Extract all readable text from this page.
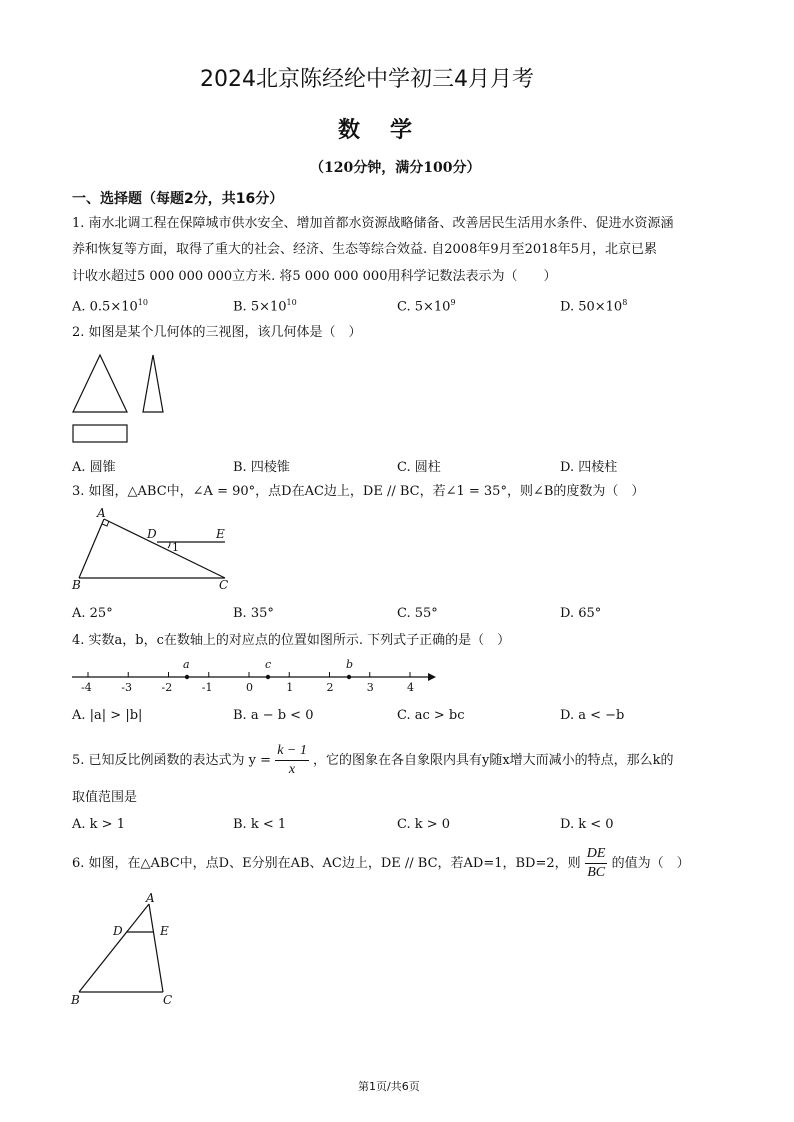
2024北京陈经纶中学初三4月月考
数学
（120分钟，满分100分）
一、选择题（每题2分，共16分）
1. 南水北调工程在保障城市供水安全、增加首都水资源战略储备、改善居民生活用水条件、促进水资源涵
养和恢复等方面，取得了重大的社会、经济、生态等综合效益. 自2008年9月至2018年5月，北京已累
计收水超过5 000 000 000立方米. 将5 000 000 000用科学记数法表示为（　　）
A. $0.5\times 10^{10}$	B. $5\times 10^{10}$	C. $5\times 10^9$	D. $50\times 10^8$
2. 如图是某个几何体的三视图，该几何体是（　）
A. 圆锥	B. 四棱锥	C. 圆柱	D. 四棱柱
3. 如图，△ABC中，∠A = 90°，点D在AC边上，DE // BC，若∠1 = 35°，则∠B的度数为（　）
A
D	E
1
B	C
A. 25°	B. 35°	C. 55°	D. 65°
4. 实数a，b，c在数轴上的对应点的位置如图所示. 下列式子正确的是（　）
a	c	b
-4	-3	-2	-1	0	1	2	3	4
A. |a| > |b|	B. a − b < 0	C. ac > bc	D. a < −b
5. 已知反比例函数的表达式为 $y = \frac{k - 1}{x}$ ，它的图象在各自象限内具有y随x增大而减小的特点，那么k的
取值范围是
A. k > 1	B. k < 1	C. k > 0	D. k < 0
6. 如图，在△ABC中，点D、E分别在AB、AC边上，DE // BC，若AD=1，BD=2，则 $\frac{DE}{BC}$ 的值为（　）
A
D	E
B	C
第1页/共6页
